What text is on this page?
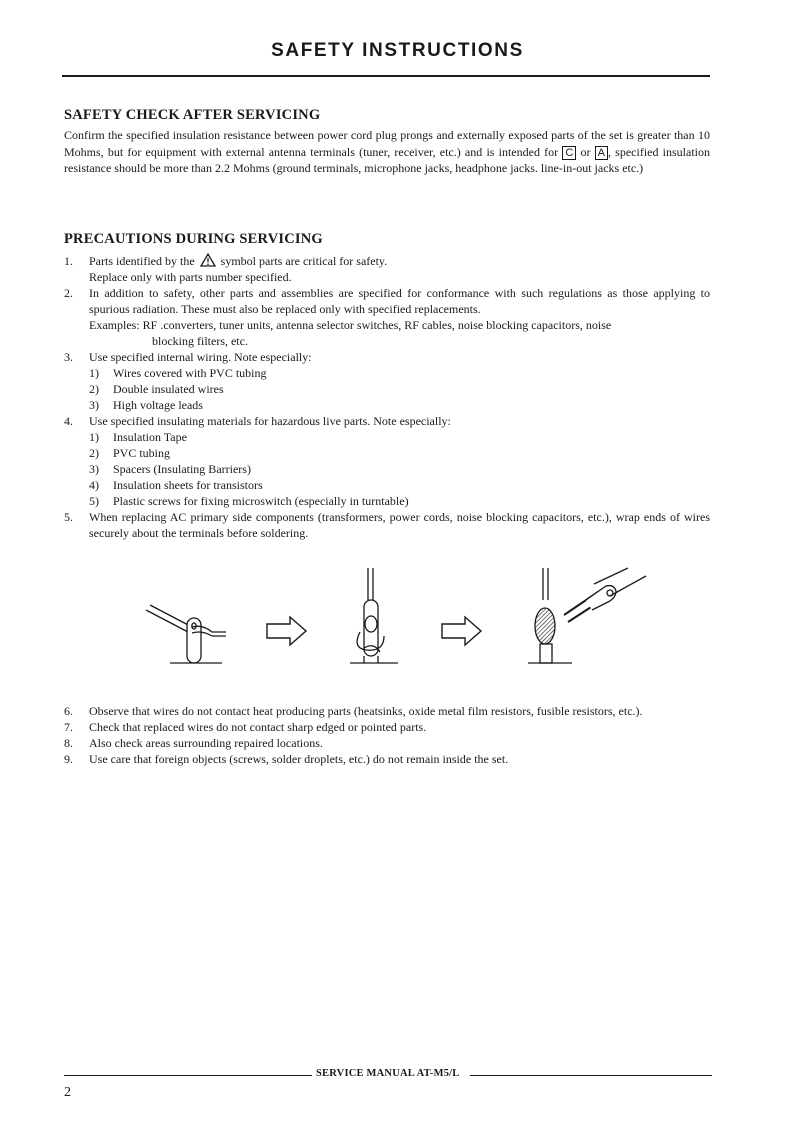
SAFETY INSTRUCTIONS
SAFETY CHECK AFTER SERVICING
Confirm the specified insulation resistance between power cord plug prongs and externally exposed parts of the set is greater than 10 Mohms, but for equipment with external antenna terminals (tuner, receiver, etc.) and is intended for C or A , specified insulation resistance should be more than 2.2 Mohms (ground terminals, microphone jacks, headphone jacks. line-in-out jacks etc.)
PRECAUTIONS DURING SERVICING
1. Parts identified by the symbol parts are critical for safety.
Replace only with parts number specified.
2. In addition to safety, other parts and assemblies are specified for conformance with such regulations as those applying to spurious radiation. These must also be replaced only with specified replacements.
Examples: RF .converters, tuner units, antenna selector switches, RF cables, noise blocking capacitors, noise
blocking filters, etc.
3. Use specified internal wiring. Note especially:
1) Wires covered with PVC tubing
2) Double insulated wires
3) High voltage leads
4. Use specified insulating materials for hazardous live parts. Note especially:
1) Insulation Tape
2) PVC tubing
3) Spacers (Insulating Barriers)
4) Insulation sheets for transistors
5) Plastic screws for fixing microswitch (especially in turntable)
5. When replacing AC primary side components (transformers, power cords, noise blocking capacitors, etc.), wrap ends of wires securely about the terminals before soldering.
6. Observe that wires do not contact heat producing parts (heatsinks, oxide metal film resistors, fusible resistors, etc.).
7. Check that replaced wires do not contact sharp edged or pointed parts.
8. Also check areas surrounding repaired locations.
9. Use care that foreign objects (screws, solder droplets, etc.) do not remain inside the set.
SERVICE MANUAL AT-M5/L
2
